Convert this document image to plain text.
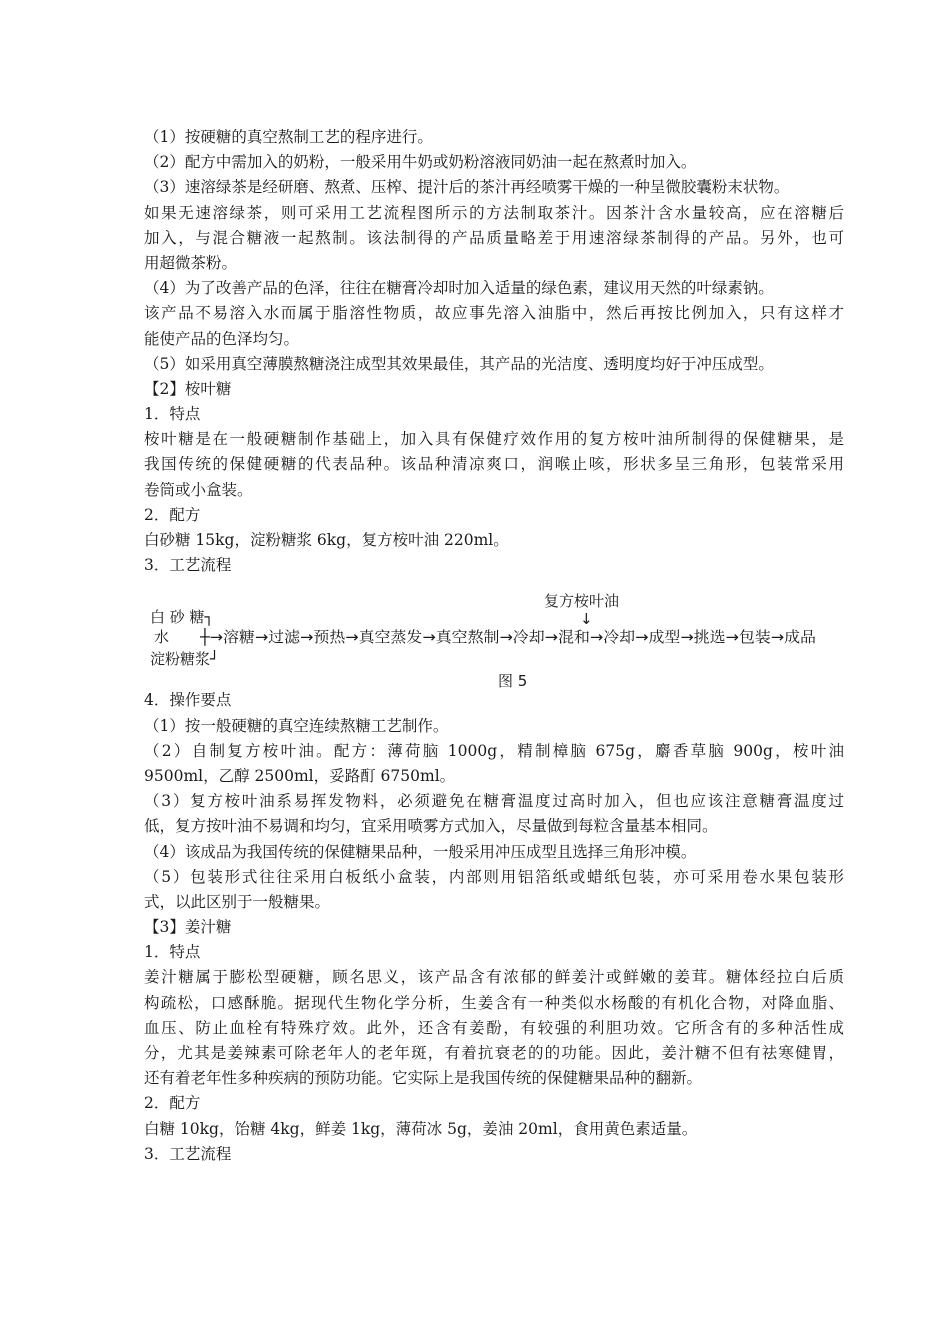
（1）按硬糖的真空熬制工艺的程序进行。
（2）配方中需加入的奶粉，一般采用牛奶或奶粉溶液同奶油一起在熬煮时加入。
（3）速溶绿茶是经研磨、熬煮、压榨、提汁后的茶汁再经喷雾干燥的一种呈微胶囊粉末状物。
如果无速溶绿茶，则可采用工艺流程图所示的方法制取茶汁。因茶汁含水量较高，应在溶糖后
加入，与混合糖液一起熬制。该法制得的产品质量略差于用速溶绿茶制得的产品。另外，也可
用超微茶粉。
（4）为了改善产品的色泽，往往在糖膏冷却时加入适量的绿色素，建议用天然的叶绿素钠。
该产品不易溶入水而属于脂溶性物质，故应事先溶入油脂中，然后再按比例加入，只有这样才
能使产品的色泽均匀。
（5）如采用真空薄膜熬糖浇注成型其效果最佳，其产品的光洁度、透明度均好于冲压成型。
【2】桉叶糖
1．特点
桉叶糖是在一般硬糖制作基础上，加入具有保健疗效作用的复方桉叶油所制得的保健糖果，是
我国传统的保健硬糖的代表品种。该品种清凉爽口，润喉止咳，形状多呈三角形，包装常采用
卷筒或小盒装。
2．配方
白砂糖 15kg，淀粉糖浆 6kg，复方桉叶油 220ml。
3．工艺流程
复方桉叶油
↓
白 砂 糖┐
水
淀粉糖浆┘
┼→溶糖→过滤→预热→真空蒸发→真空熬制→冷却→混和→冷却→成型→挑选→包装→成品
图 5
4．操作要点
（1）按一般硬糖的真空连续熬糖工艺制作。
（2）自制复方桉叶油。配方：薄荷脑 1000g，精制樟脑 675g，麝香草脑 900g，桉叶油
9500ml，乙醇 2500ml，妥路酊 6750ml。
（3）复方桉叶油系易挥发物料，必须避免在糖膏温度过高时加入，但也应该注意糖膏温度过
低，复方按叶油不易调和均匀，宜采用喷雾方式加入，尽量做到每粒含量基本相同。
（4）该成品为我国传统的保健糖果品种，一般采用冲压成型且选择三角形冲模。
（5）包装形式往往采用白板纸小盒装，内部则用铝箔纸或蜡纸包装，亦可采用卷水果包装形
式，以此区别于一般糖果。
【3】姜汁糖
1．特点
姜汁糖属于膨松型硬糖，顾名思义，该产品含有浓郁的鲜姜汁或鲜嫩的姜茸。糖体经拉白后质
构疏松，口感酥脆。据现代生物化学分析，生姜含有一种类似水杨酸的有机化合物，对降血脂、
血压、防止血栓有特殊疗效。此外，还含有姜酚，有较强的利胆功效。它所含有的多种活性成
分，尤其是姜辣素可除老年人的老年斑，有着抗衰老的的功能。因此，姜汁糖不但有祛寒健胃，
还有着老年性多种疾病的预防功能。它实际上是我国传统的保健糖果品种的翻新。
2．配方
白糖 10kg，饴糖 4kg，鲜姜 1kg，薄荷冰 5g，姜油 20ml，食用黄色素适量。
3．工艺流程
